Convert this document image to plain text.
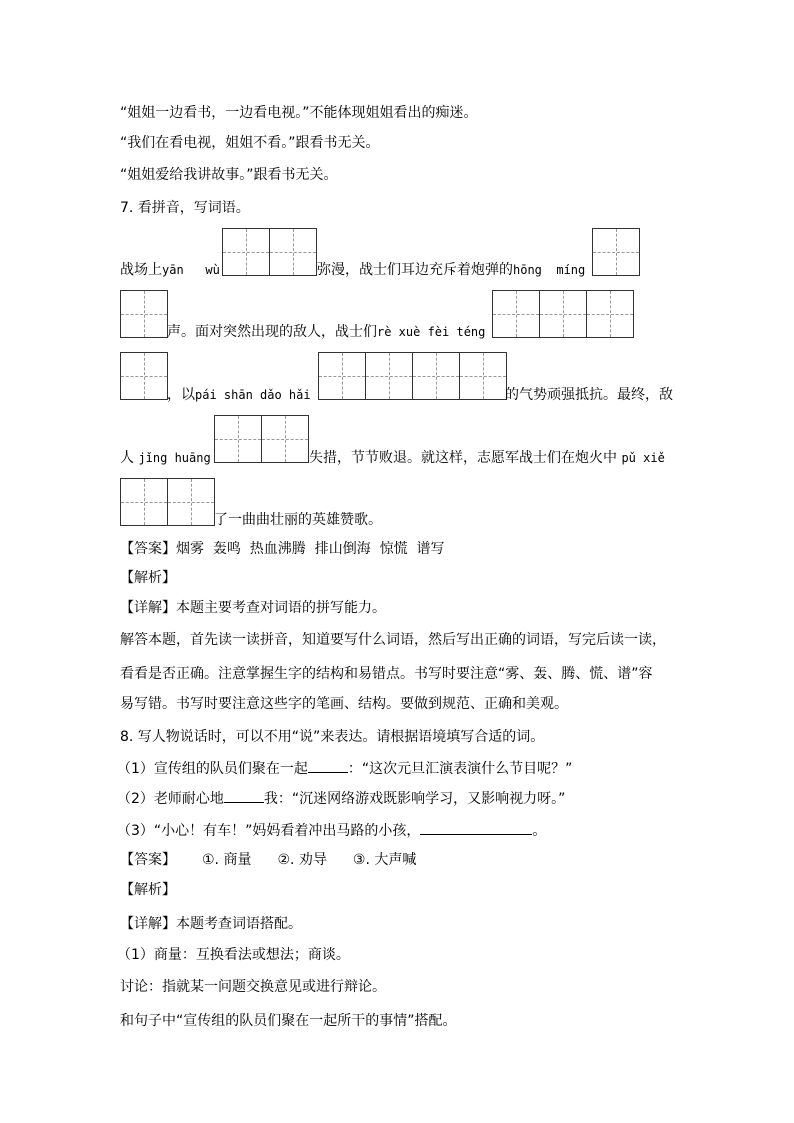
“姐姐一边看书，一边看电视。”不能体现姐姐看出的痴迷。
“我们在看电视，姐姐不看。”跟看书无关。
“姐姐爱给我讲故事。”跟看书无关。
7. 看拼音，写词语。
战场上yān   wù	弥漫，战士们耳边充斥着炮弹的hōng  míng
声。面对突然出现的敌人，战士们rè xuè fèi téng
，以pái shān dǎo hǎi	的气势顽强抵抗。最终，敌
人 jǐng huāng	失措，节节败退。就这样，志愿军战士们在炮火中 pǔ xiě
了一曲曲壮丽的英雄赞歌。
【答案】烟雾  轰鸣  热血沸腾  排山倒海  惊慌  谱写
【解析】
【详解】本题主要考查对词语的拼写能力。
解答本题，首先读一读拼音，知道要写什么词语，然后写出正确的词语，写完后读一读，
看看是否正确。注意掌握生字的结构和易错点。书写时要注意“雾、轰、腾、慌、谱”容
易写错。书写时要注意这些字的笔画、结构。要做到规范、正确和美观。
8. 写人物说话时，可以不用“说”来表达。请根据语境填写合适的词。
（1）宣传组的队员们聚在一起	：“这次元旦汇演表演什么节目呢？”
（2）老师耐心地	我：“沉迷网络游戏既影响学习，又影响视力呀。”
（3）“小心！有车！”妈妈看着冲出马路的小孩，	。
【答案】 ①. 商量 ②. 劝导 ③. 大声喊
【解析】
【详解】本题考查词语搭配。
（1）商量：互换看法或想法；商谈。
讨论：指就某一问题交换意见或进行辩论。
和句子中“宣传组的队员们聚在一起所干的事情”搭配。
